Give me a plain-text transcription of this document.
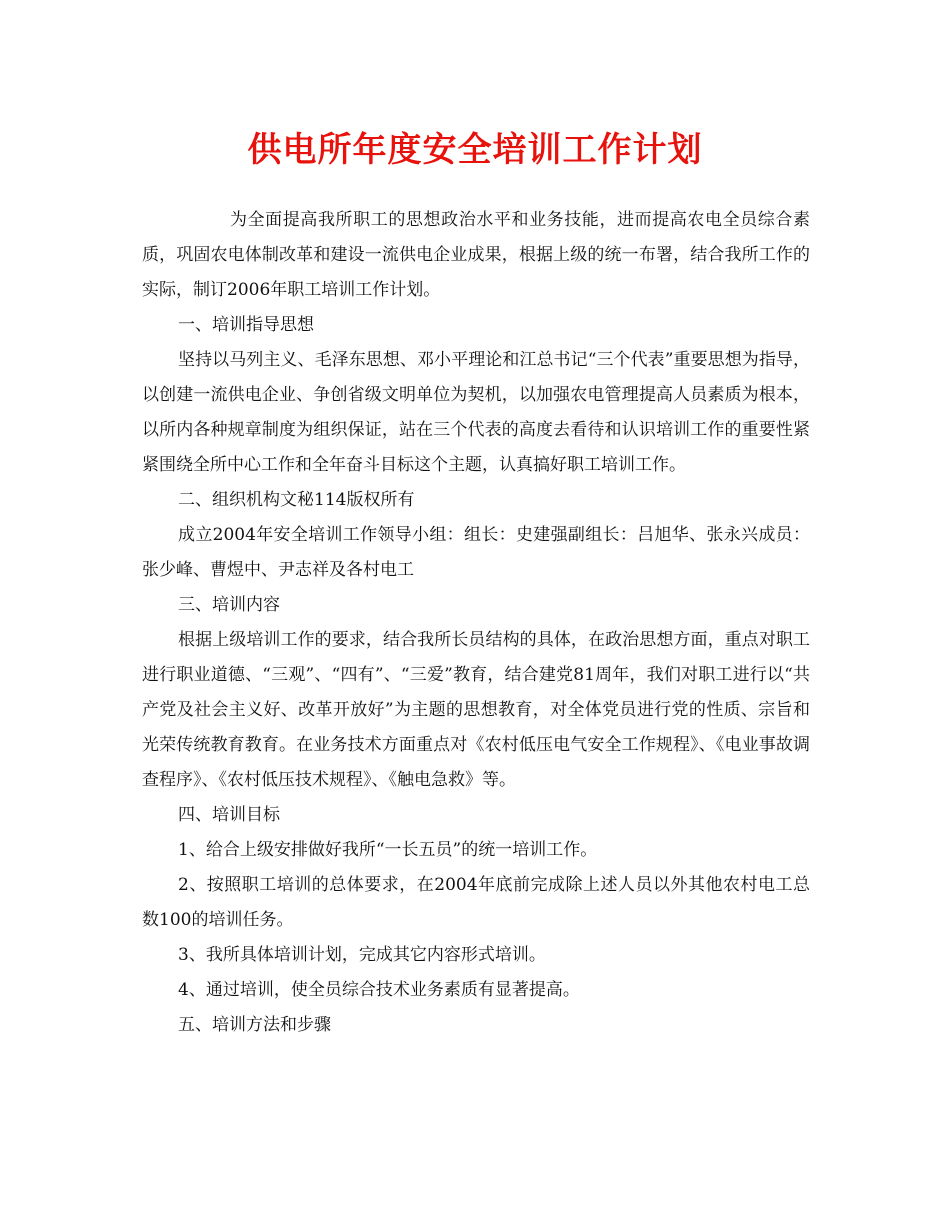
供电所年度安全培训工作计划

为全面提高我所职工的思想政治水平和业务技能，进而提高农电全员综合素质，巩固农电体制改革和建设一流供电企业成果，根据上级的统一布署，结合我所工作的实际，制订2006年职工培训工作计划。

一、培训指导思想

坚持以马列主义、毛泽东思想、邓小平理论和江总书记“三个代表”重要思想为指导，以创建一流供电企业、争创省级文明单位为契机，以加强农电管理提高人员素质为根本，以所内各种规章制度为组织保证，站在三个代表的高度去看待和认识培训工作的重要性紧紧围绕全所中心工作和全年奋斗目标这个主题，认真搞好职工培训工作。

二、组织机构文秘114版权所有

成立2004年安全培训工作领导小组：组长：史建强副组长：吕旭华、张永兴成员：张少峰、曹煜中、尹志祥及各村电工

三、培训内容

根据上级培训工作的要求，结合我所长员结构的具体，在政治思想方面，重点对职工进行职业道德、“三观”、“四有”、“三爱”教育，结合建党81周年，我们对职工进行以“共产党及社会主义好、改革开放好”为主题的思想教育，对全体党员进行党的性质、宗旨和光荣传统教育教育。在业务技术方面重点对《农村低压电气安全工作规程》、《电业事故调查程序》、《农村低压技术规程》、《触电急救》等。

四、培训目标

1、给合上级安排做好我所“一长五员”的统一培训工作。

2、按照职工培训的总体要求，在2004年底前完成除上述人员以外其他农村电工总数100的培训任务。

3、我所具体培训计划，完成其它内容形式培训。

4、通过培训，使全员综合技术业务素质有显著提高。

五、培训方法和步骤
